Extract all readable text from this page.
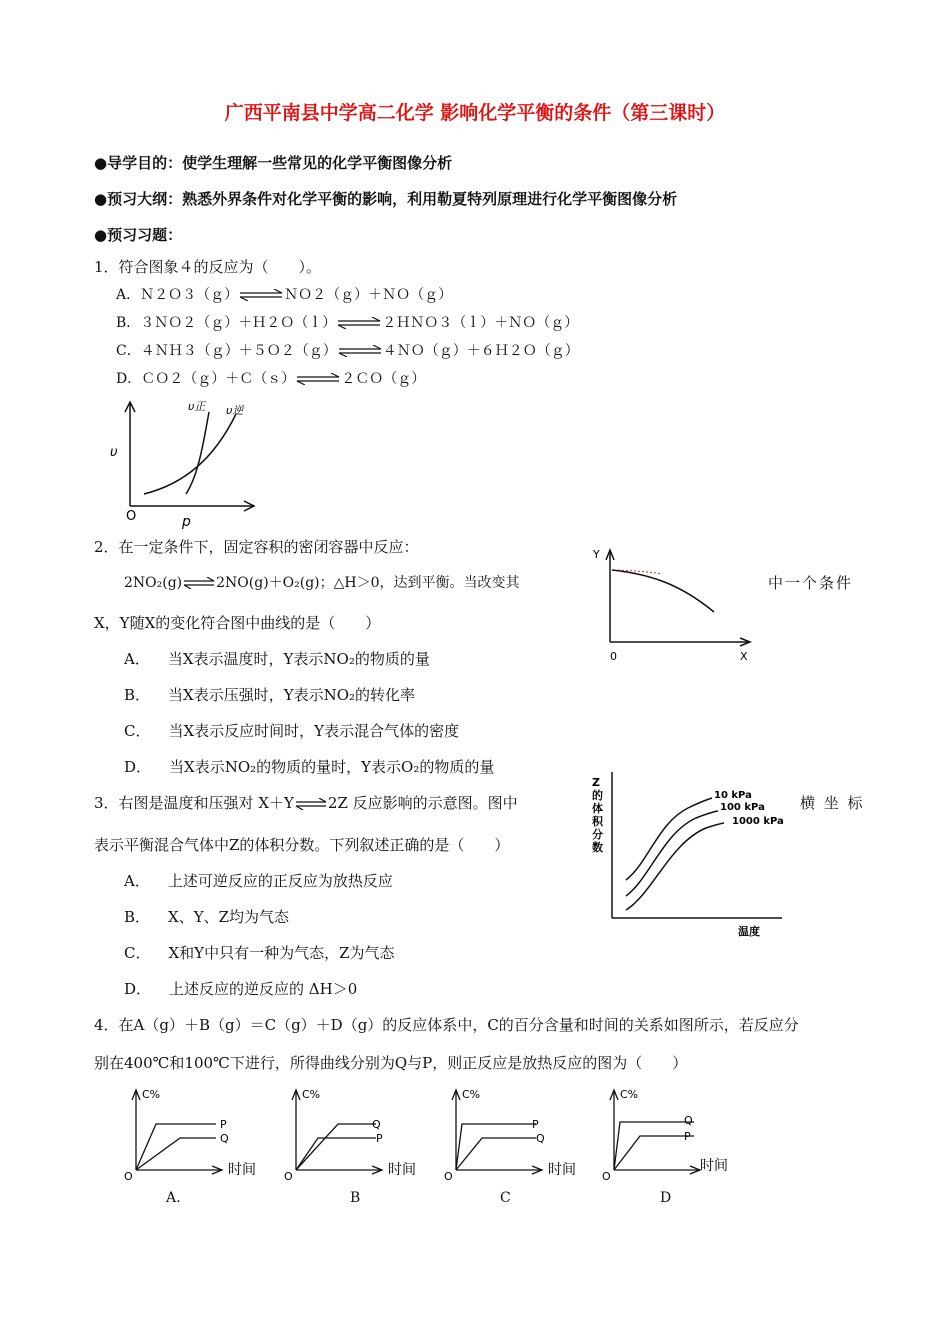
广西平南县中学高二化学 影响化学平衡的条件（第三课时）
●导学目的：使学生理解一些常见的化学平衡图像分析
●预习大纲：熟悉外界条件对化学平衡的影响，利用勒夏特列原理进行化学平衡图像分析
●预习习题：
1．符合图象４的反应为（　　）。
A．Ｎ２Ｏ３（ｇ）⇌ＮＯ２（ｇ）＋ＮＯ（ｇ）
B．３ＮＯ２（ｇ）＋Ｈ２Ｏ（ｌ）⇌２ＨＮＯ３（ｌ）＋ＮＯ（ｇ）
C．４ＮＨ３（ｇ）＋５Ｏ２（ｇ）⇌４ＮＯ（ｇ）＋６Ｈ２Ｏ（ｇ）
D．ＣＯ２（ｇ）＋Ｃ（ｓ）⇌２ＣＯ（ｇ）
υ
p
O
υ正 υ逆
2．在一定条件下，固定容积的密闭容器中反应：
2NO₂(g)⇌2NO(g)＋O₂(g)；△H＞0，达到平衡。当改变其	中一个条件
X，Y随X的变化符合图中曲线的是（　　）
A． 当X表示温度时，Y表示NO₂的物质的量
B． 当X表示压强时，Y表示NO₂的转化率
C． 当X表示反应时间时，Y表示混合气体的密度
D． 当X表示NO₂的物质的量时，Y表示O₂的物质的量
Y
X
0
3．右图是温度和压强对 X＋Y⇌2Z 反应影响的示意图。图中	横 坐 标
表示平衡混合气体中Z的体积分数。下列叙述正确的是（　　）
A． 上述可逆反应的正反应为放热反应
B． X、Y、Z均为气态
C． X和Y中只有一种为气态，Z为气态
D． 上述反应的逆反应的 ΔH＞0
Z
的
体
积
分
数
10 kPa
100 kPa
1000 kPa
温度
4．在A（g）＋B（g）＝C（g）＋D（g）的反应体系中，C的百分含量和时间的关系如图所示，若反应分
别在400℃和100℃下进行，所得曲线分别为Q与P，则正反应是放热反应的图为（　　）
C%
P
Q
时间
O
A.
C%
Q
P
时间
O
B
C%
P
Q
时间
O
C
C%
Q
P
时间
O
D
